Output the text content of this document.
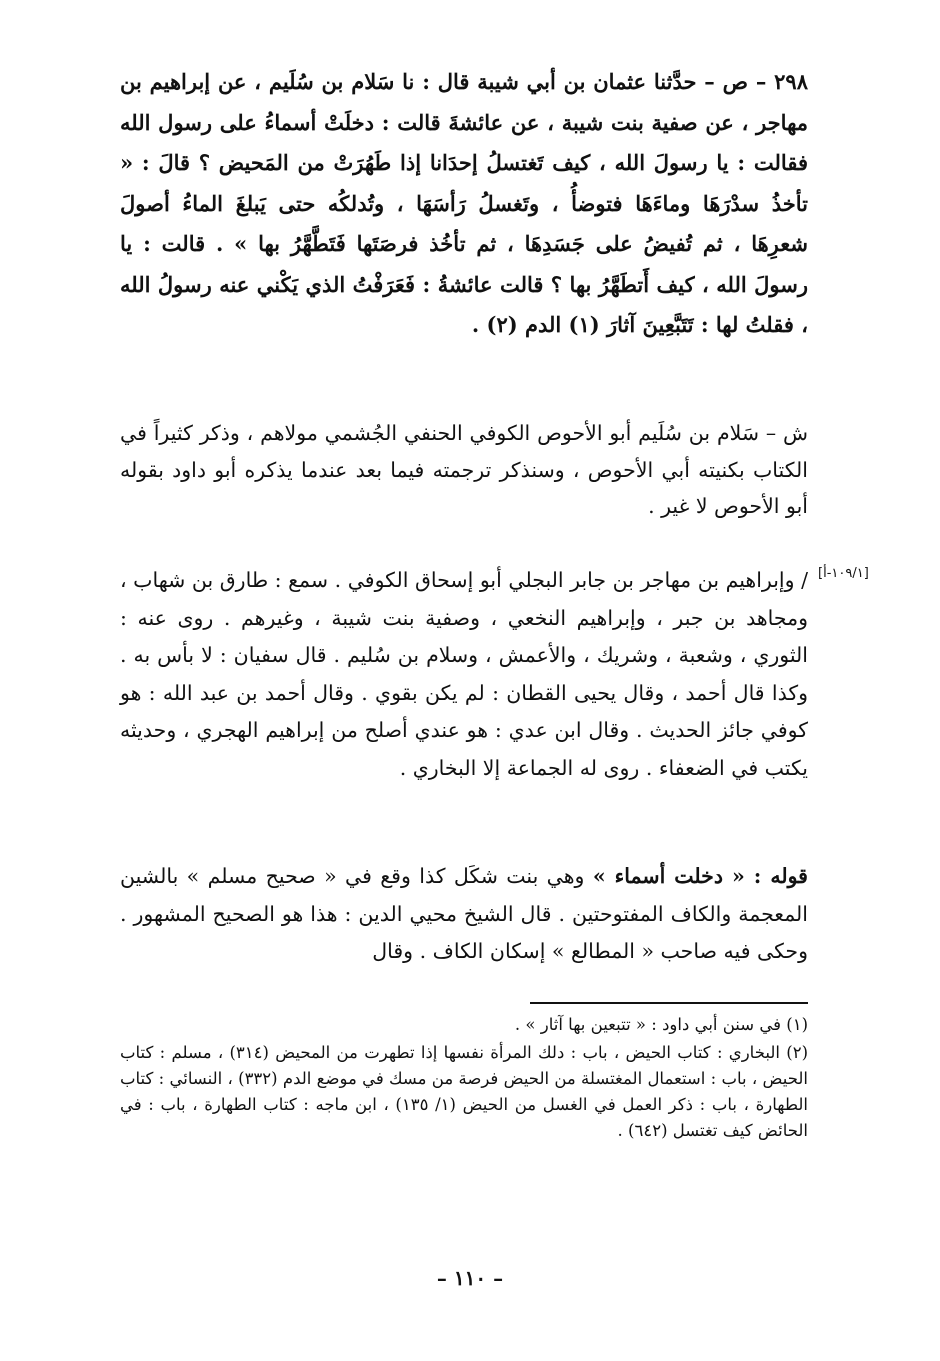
٢٩٨ – ص – حدَّثنا عثمان بن أبي شيبة قال : نا سَلام بن سُلَيم ، عن إبراهيم بن مهاجر ، عن صفية بنت شيبة ، عن عائشةَ قالت : دخلَتْ أسماءُ على رسول الله فقالت : يا رسولَ الله ، كيف تَغتسلُ إحدَانا إذا طَهُرَتْ من المَحيض ؟ قالَ : « تأخذُ سدْرَهَا وماءَهَا فتوضأُ ، وتَغسلُ رَأسَهَا ، وتُدلكُه حتى يَبلغَ الماءُ أصولَ شعرِهَا ، ثم تُفيضُ على جَسَدِهَا ، ثم تأخُذ فرصَتَها فَتَطَّهَّرُ بها » . قالت : يا رسولَ الله ، كيف أَتطَهَّرُ بها ؟ قالت عائشةُ : فَعَرَفْتُ الذي يَكْني عنه رسولُ الله ، فقلتُ لها : تَتَبَّعِينَ آثارَ (١) الدم (٢) .

ش – سَلام بن سُلَيم أبو الأحوص الكوفي الحنفي الجُشمي مولاهم ، وذكر كثيراً في الكتاب بكنيته أبي الأحوص ، وسنذكر ترجمته فيما بعد عندما يذكره أبو داود بقوله أبو الأحوص لا غير .

[١٠٩/١-أ]

/ وإبراهيم بن مهاجر بن جابر البجلي أبو إسحاق الكوفي . سمع : طارق بن شهاب ، ومجاهد بن جبر ، وإبراهيم النخعي ، وصفية بنت شيبة ، وغيرهم . روى عنه : الثوري ، وشعبة ، وشريك ، والأعمش ، وسلام بن سُليم . قال سفيان : لا بأس به . وكذا قال أحمد ، وقال يحيى القطان : لم يكن بقوي . وقال أحمد بن عبد الله : هو كوفي جائز الحديث . وقال ابن عدي : هو عندي أصلح من إبراهيم الهجري ، وحديثه يكتب في الضعفاء . روى له الجماعة إلا البخاري .

قوله : « دخلت أسماء » وهي بنت شكَل كذا وقع في « صحيح مسلم » بالشين المعجمة والكاف المفتوحتين . قال الشيخ محيي الدين : هذا هو الصحيح المشهور . وحكى فيه صاحب « المطالع » إسكان الكاف . وقال

(١) في سنن أبي داود : « تتبعين بها آثار » .
(٢) البخاري : كتاب الحيض ، باب : دلك المرأة نفسها إذا تطهرت من المحيض (٣١٤) ، مسلم : كتاب الحيض ، باب : استعمال المغتسلة من الحيض فرصة من مسك في موضع الدم (٣٣٢) ، النسائي : كتاب الطهارة ، باب : ذكر العمل في الغسل من الحيض (١/ ١٣٥) ، ابن ماجه : كتاب الطهارة ، باب : في الحائض كيف تغتسل (٦٤٢) .
– ١١٠ –
